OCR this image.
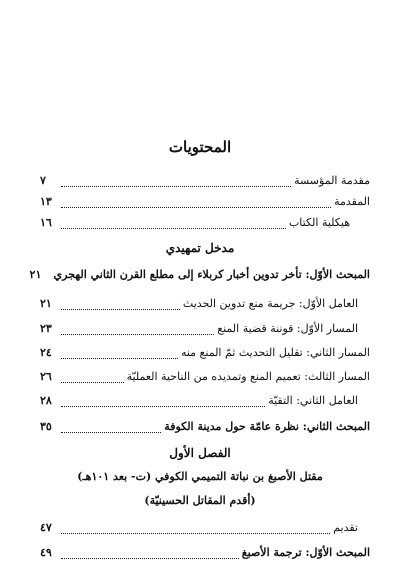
المحتويات
مقدمة المؤسسة
٧
المقدمة
١٣
هيكلية الكتاب
١٦
مدخل تمهيدي
المبحث الأوّل: تأخر تدوين أخبار كربلاء إلى مطلع القرن الثاني الهجري
٢١
العامل الأوّل: جريمة منع تدوين الحديث
٢١
المسار الأوّل: قوننة قضية المنع
٢٣
المسار الثاني: تقليل التحديث ثمّ المنع منه
٢٤
المسار الثالث: تعميم المنع وتمديده من الناحية العمليّة
٢٦
العامل الثاني: التقيّة
٢٨
المبحث الثاني: نظرة عامّة حول مدينة الكوفة
٣٥
الفصل الأول
مقتل الأصبغ بن نباتة التميمي الكوفي (ت- بعد ١٠١هـ)
(أقدم المقاتل الحسينيّة)
تقديم
٤٧
المبحث الأوّل: ترجمة الأصبغ
٤٩
